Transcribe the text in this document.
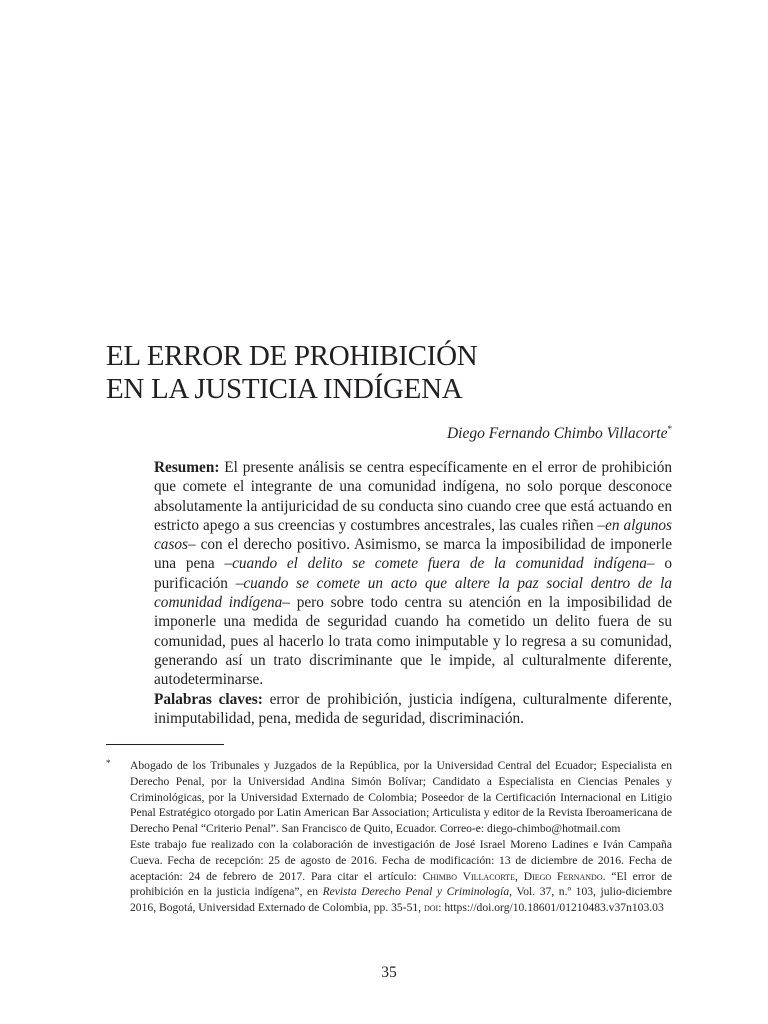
EL ERROR DE PROHIBICIÓN
EN LA JUSTICIA INDÍGENA
Diego Fernando Chimbo Villacorte*

Resumen: El presente análisis se centra específicamente en el error de prohibición que comete el integrante de una comunidad indígena, no solo porque desconoce absolutamente la antijuricidad de su conducta sino cuando cree que está actuando en estricto apego a sus creencias y costumbres ancestrales, las cuales riñen –en algunos casos– con el derecho positivo. Asimismo, se marca la imposibilidad de imponerle una pena –cuando el delito se comete fuera de la comunidad indígena– o purificación –cuando se comete un acto que altere la paz social dentro de la comunidad indígena– pero sobre todo centra su atención en la imposibilidad de imponerle una medida de seguridad cuando ha cometido un delito fuera de su comunidad, pues al hacerlo lo trata como inimputable y lo regresa a su comunidad, generando así un trato discriminante que le impide, al culturalmente diferente, autodeterminarse.

Palabras claves: error de prohibición, justicia indígena, culturalmente diferente, inimputabilidad, pena, medida de seguridad, discriminación.

* Abogado de los Tribunales y Juzgados de la República, por la Universidad Central del Ecuador; Especialista en Derecho Penal, por la Universidad Andina Simón Bolívar; Candidato a Especialista en Ciencias Penales y Criminológicas, por la Universidad Externado de Colombia; Poseedor de la Certificación Internacional en Litigio Penal Estratégico otorgado por Latin American Bar Association; Articulista y editor de la Revista Iberoamericana de Derecho Penal “Criterio Penal”. San Francisco de Quito, Ecuador. Correo-e: diego-chimbo@hotmail.com

Este trabajo fue realizado con la colaboración de investigación de José Israel Moreno Ladines e Iván Campaña Cueva. Fecha de recepción: 25 de agosto de 2016. Fecha de modificación: 13 de diciembre de 2016. Fecha de aceptación: 24 de febrero de 2017. Para citar el artículo: Chimbo Villacorte, Diego Fernando. “El error de prohibición en la justicia indígena”, en Revista Derecho Penal y Criminología, Vol. 37, n.º 103, julio-diciembre 2016, Bogotá, Universidad Externado de Colombia, pp. 35-51, doi: https://doi.org/10.18601/01210483.v37n103.03

35
